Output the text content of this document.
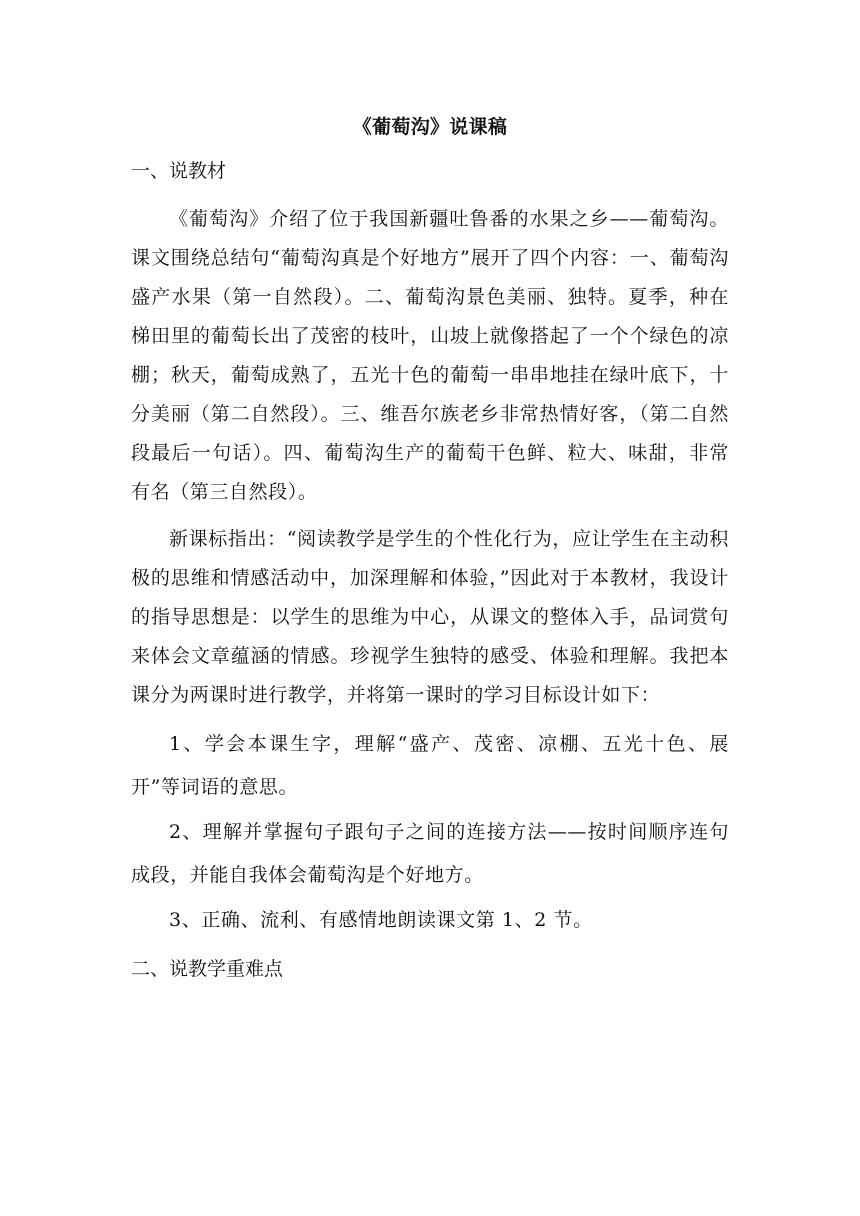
《葡萄沟》说课稿
一、说教材

《葡萄沟》介绍了位于我国新疆吐鲁番的水果之乡——葡萄沟。课文围绕总结句“葡萄沟真是个好地方”展开了四个内容：一、葡萄沟盛产水果（第一自然段）。二、葡萄沟景色美丽、独特。夏季，种在梯田里的葡萄长出了茂密的枝叶，山坡上就像搭起了一个个绿色的凉棚；秋天，葡萄成熟了，五光十色的葡萄一串串地挂在绿叶底下，十分美丽（第二自然段）。三、维吾尔族老乡非常热情好客，（第二自然段最后一句话）。四、葡萄沟生产的葡萄干色鲜、粒大、味甜，非常有名（第三自然段）。

新课标指出：“阅读教学是学生的个性化行为，应让学生在主动积极的思维和情感活动中，加深理解和体验，”因此对于本教材，我设计的指导思想是：以学生的思维为中心，从课文的整体入手，品词赏句来体会文章蕴涵的情感。珍视学生独特的感受、体验和理解。我把本课分为两课时进行教学，并将第一课时的学习目标设计如下：

1、学会本课生字，理解“盛产、茂密、凉棚、五光十色、展开”等词语的意思。

2、理解并掌握句子跟句子之间的连接方法——按时间顺序连句成段，并能自我体会葡萄沟是个好地方。

3、正确、流利、有感情地朗读课文第 1、2 节。

二、说教学重难点
